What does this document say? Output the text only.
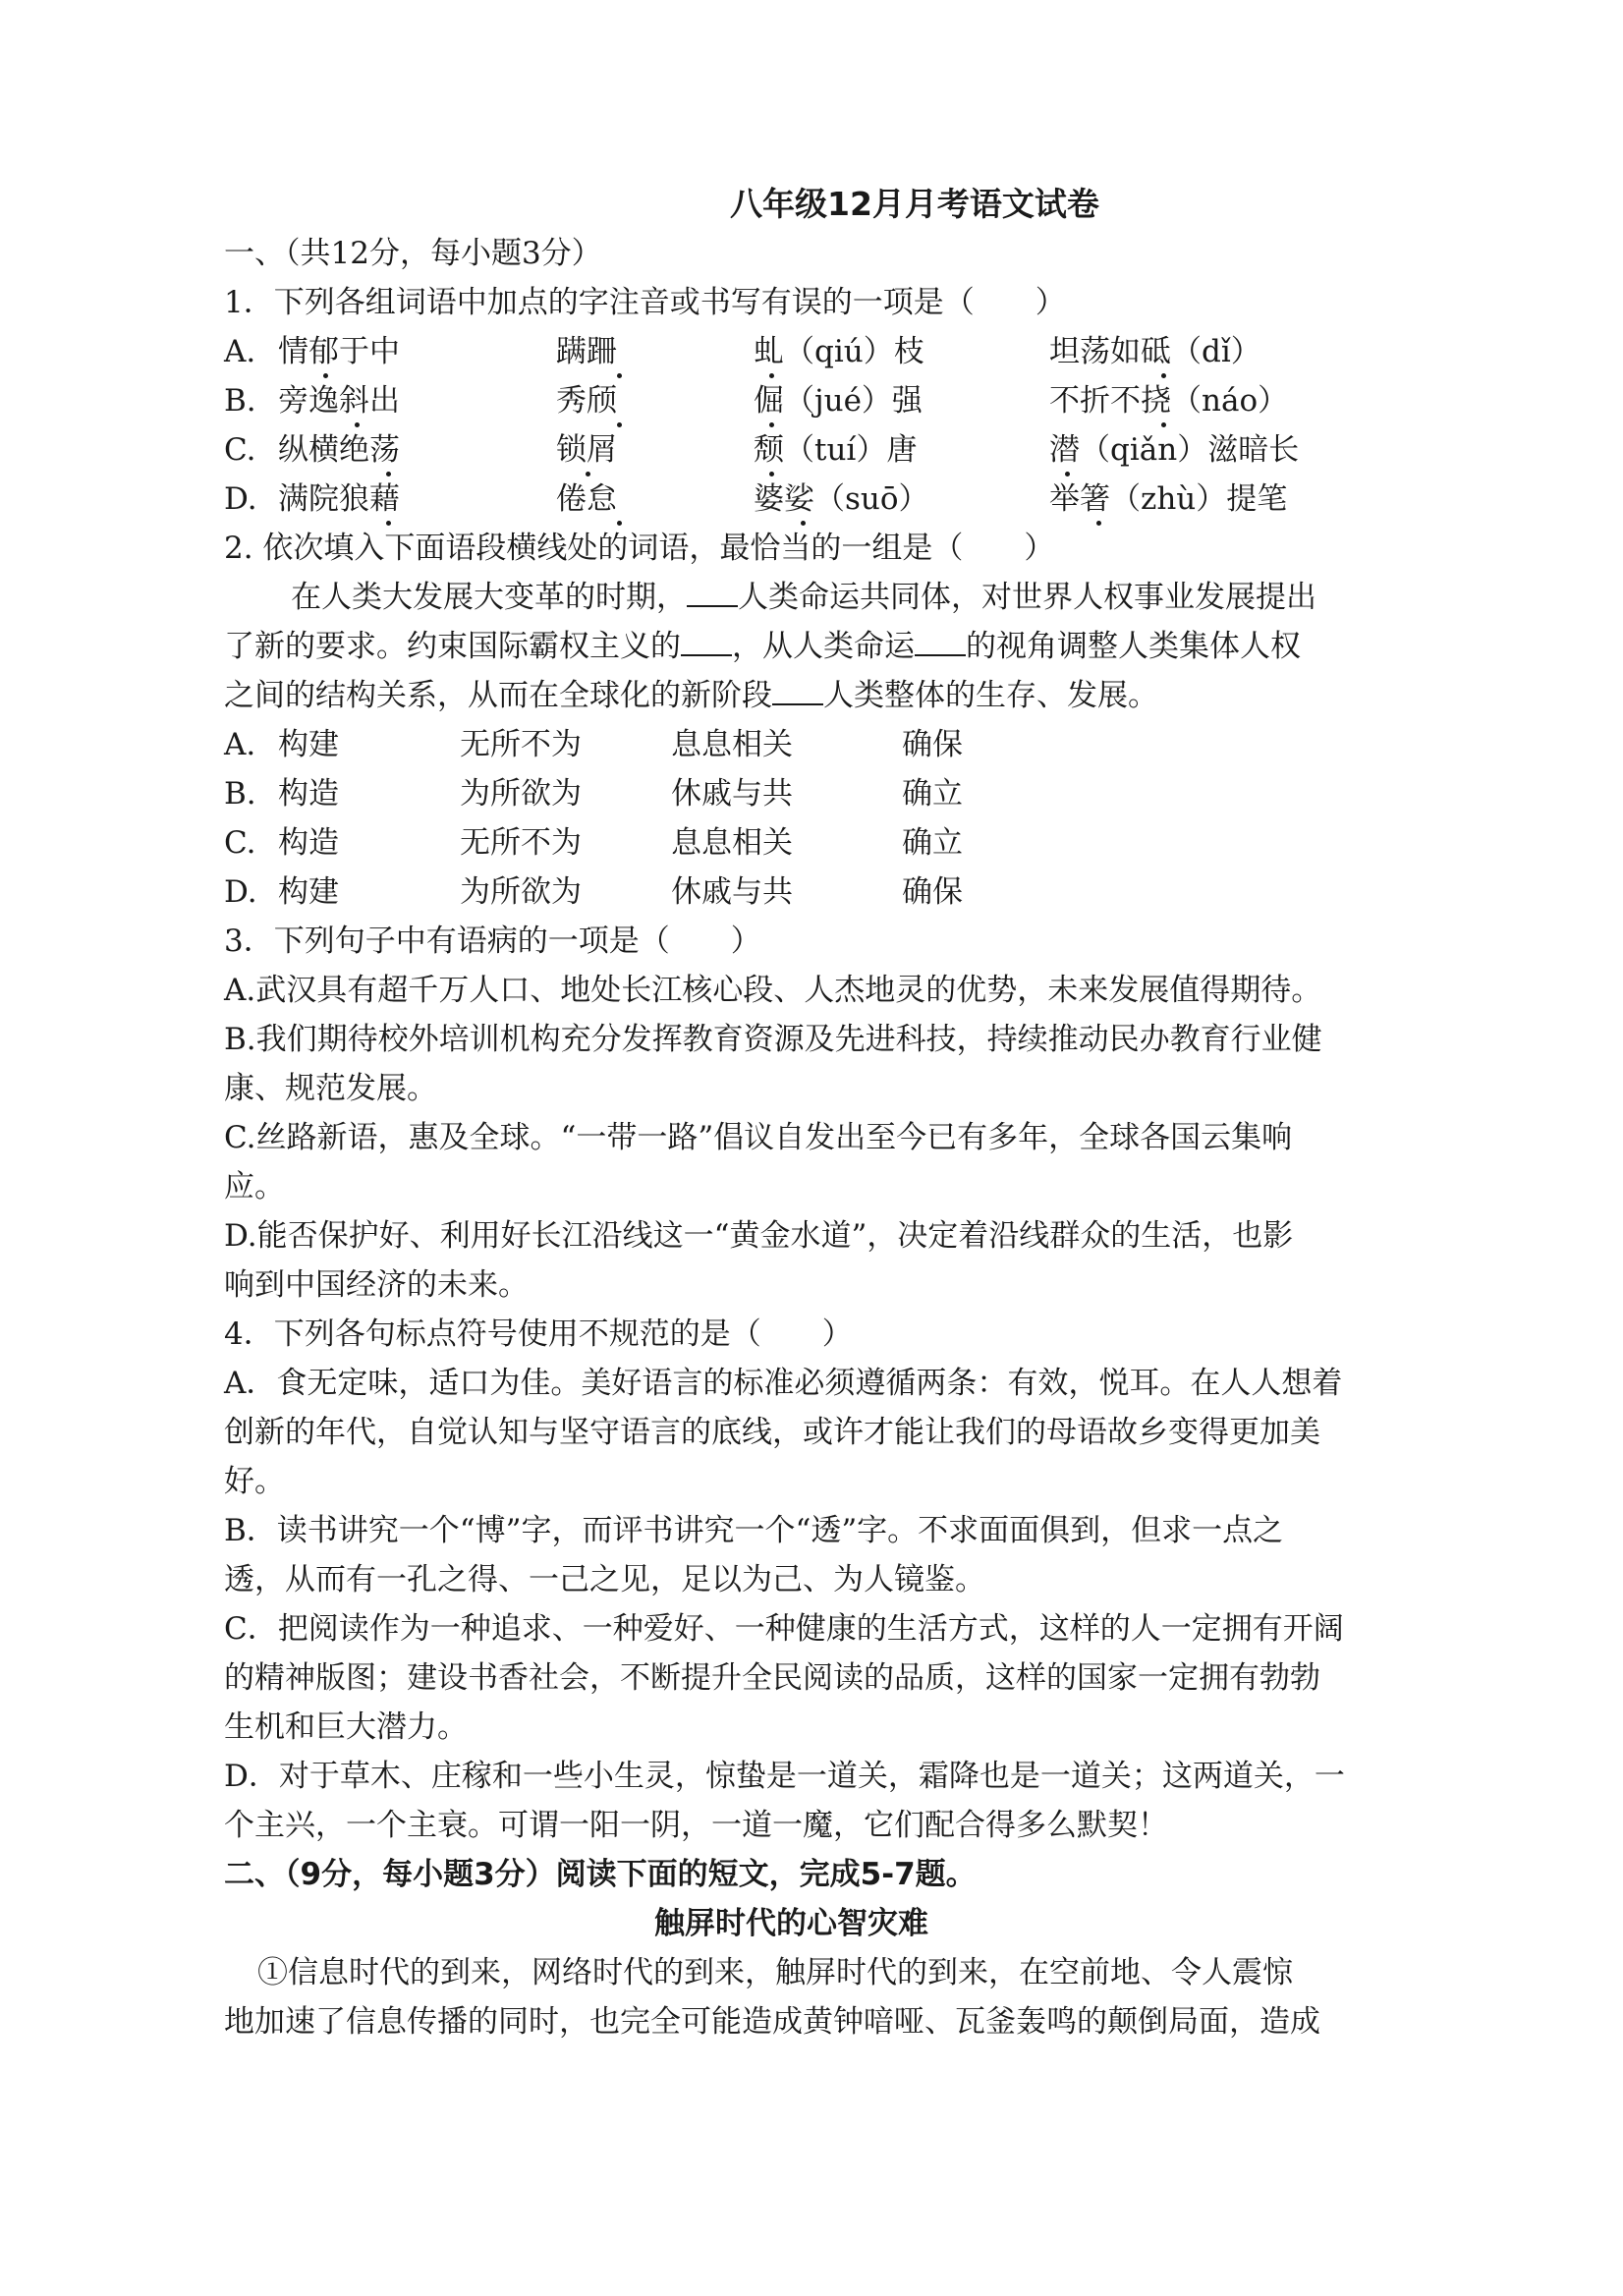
八年级12月月考语文试卷
一、（共12分，每小题3分）
1．下列各组词语中加点的字注音或书写有误的一项是（　　）
A. 情郁于中	蹒跚	虬（qiú）枝	坦荡如砥（dǐ）
B. 旁逸斜出	秀颀	倔（jué）强	不折不挠（náo）
C. 纵横绝荡	锁屑	颓（tuí）唐	潜（qiǎn）滋暗长
D. 满院狼藉	倦怠	婆娑（suō）	举箸（zhù）提笔
2. 依次填入下面语段横线处的词语，最恰当的一组是（　　）
在人类大发展大变革的时期， 人类命运共同体，对世界人权事业发展提出
了新的要求。约束国际霸权主义的 ，从人类命运 的视角调整人类集体人权
之间的结构关系，从而在全球化的新阶段 人类整体的生存、发展。
A. 构建	无所不为	息息相关	确保
B. 构造	为所欲为	休戚与共	确立
C. 构造	无所不为	息息相关	确立
D. 构建	为所欲为	休戚与共	确保
3．下列句子中有语病的一项是（　　）
A.武汉具有超千万人口、地处长江核心段、人杰地灵的优势，未来发展值得期待。
B.我们期待校外培训机构充分发挥教育资源及先进科技，持续推动民办教育行业健
康、规范发展。
C.丝路新语，惠及全球。“一带一路”倡议自发出至今已有多年，全球各国云集响
应。
D.能否保护好、利用好长江沿线这一“黄金水道”，决定着沿线群众的生活，也影
响到中国经济的未来。
4．下列各句标点符号使用不规范的是（　　）
A．食无定味，适口为佳。美好语言的标准必须遵循两条：有效，悦耳。在人人想着
创新的年代，自觉认知与坚守语言的底线，或许才能让我们的母语故乡变得更加美
好。
B．读书讲究一个“博”字，而评书讲究一个“透”字。不求面面俱到，但求一点之
透，从而有一孔之得、一己之见，足以为己、为人镜鉴。
C．把阅读作为一种追求、一种爱好、一种健康的生活方式，这样的人一定拥有开阔
的精神版图；建设书香社会，不断提升全民阅读的品质，这样的国家一定拥有勃勃
生机和巨大潜力。
D．对于草木、庄稼和一些小生灵，惊蛰是一道关，霜降也是一道关；这两道关，一
个主兴，一个主衰。可谓一阳一阴，一道一魔，它们配合得多么默契！
二、（9分，每小题3分）阅读下面的短文，完成5-7题。
触屏时代的心智灾难
①信息时代的到来，网络时代的到来，触屏时代的到来，在空前地、令人震惊
地加速了信息传播的同时，也完全可能造成黄钟喑哑、瓦釜轰鸣的颠倒局面，造成
